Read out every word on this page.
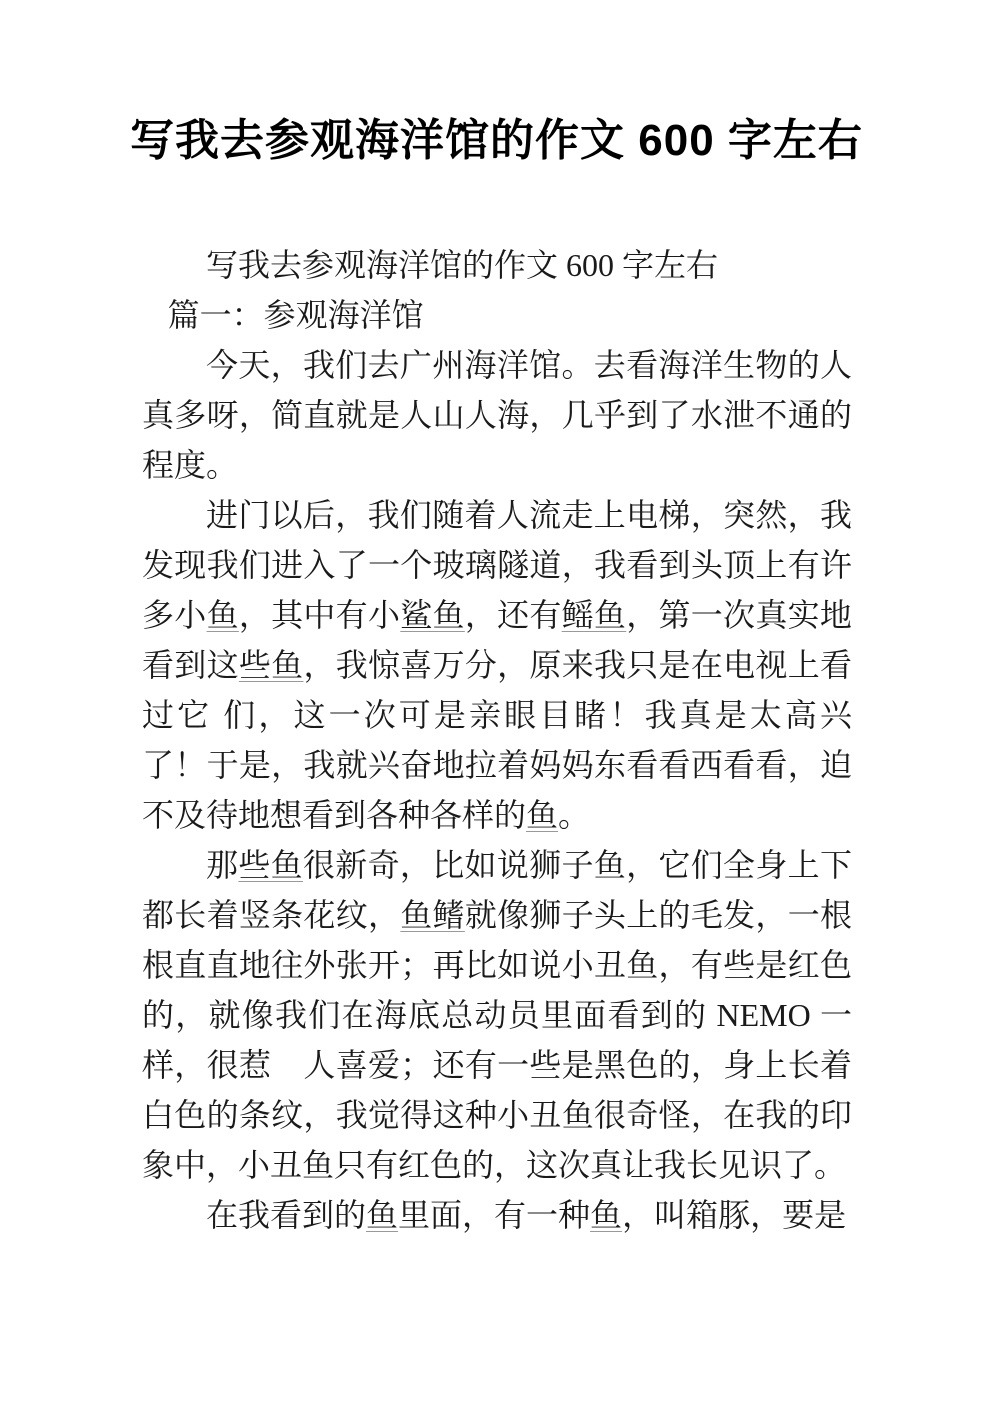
写我去参观海洋馆的作文 600 字左右

写我去参观海洋馆的作文 600 字左右

篇一：参观海洋馆

今天，我们去广州海洋馆。去看海洋生物的人真多呀，简直就是人山人海，几乎到了水泄不通的程度。

进门以后，我们随着人流走上电梯，突然，我发现我们进入了一个玻璃隧道，我看到头顶上有许多小鱼，其中有小鲨鱼，还有鳐鱼，第一次真实地看到这些鱼，我惊喜万分，原来我只是在电视上看过它 们，这一次可是亲眼目睹！我真是太高兴了！于是，我就兴奋地拉着妈妈东看看西看看，迫不及待地想看到各种各样的鱼。

那些鱼很新奇，比如说狮子鱼，它们全身上下都长着竖条花纹，鱼鳍就像狮子头上的毛发，一根根直直地往外张开；再比如说小丑鱼，有些是红色的，就像我们在海底总动员里面看到的 NEMO 一样，很惹　人喜爱；还有一些是黑色的，身上长着白色的条纹，我觉得这种小丑鱼很奇怪，在我的印象中，小丑鱼只有红色的，这次真让我长见识了。

在我看到的鱼里面，有一种鱼，叫箱豚，要是
